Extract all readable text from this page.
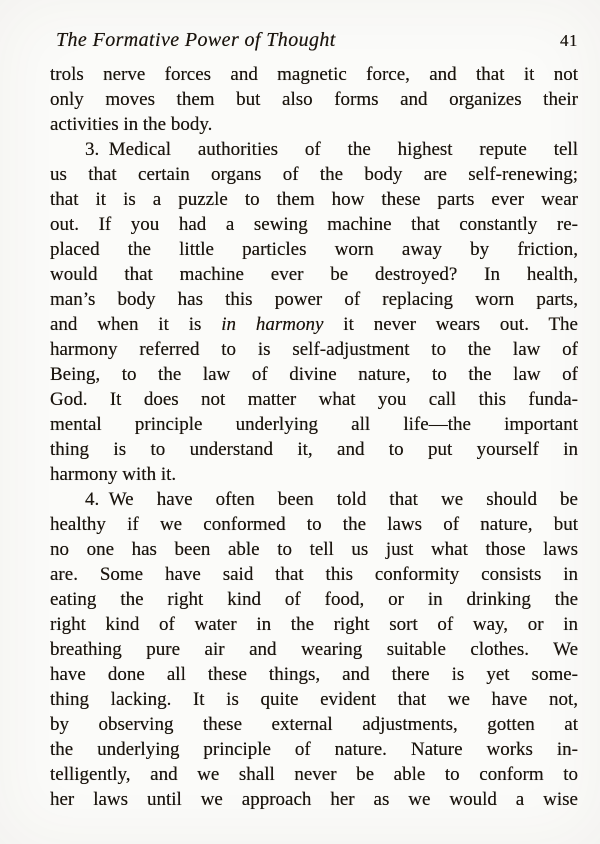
The Formative Power of Thought	41
trols nerve forces and magnetic force, and that it not
only moves them but also forms and organizes their
activities in the body.
3. Medical authorities of the highest repute tell
us that certain organs of the body are self-renewing;
that it is a puzzle to them how these parts ever wear
out. If you had a sewing machine that constantly re-
placed the little particles worn away by friction,
would that machine ever be destroyed? In health,
man’s body has this power of replacing worn parts,
and when it is in harmony it never wears out. The
harmony referred to is self-adjustment to the law of
Being, to the law of divine nature, to the law of
God. It does not matter what you call this funda-
mental principle underlying all life—the important
thing is to understand it, and to put yourself in
harmony with it.
4. We have often been told that we should be
healthy if we conformed to the laws of nature, but
no one has been able to tell us just what those laws
are. Some have said that this conformity consists in
eating the right kind of food, or in drinking the
right kind of water in the right sort of way, or in
breathing pure air and wearing suitable clothes. We
have done all these things, and there is yet some-
thing lacking. It is quite evident that we have not,
by observing these external adjustments, gotten at
the underlying principle of nature. Nature works in-
telligently, and we shall never be able to conform to
her laws until we approach her as we would a wise
